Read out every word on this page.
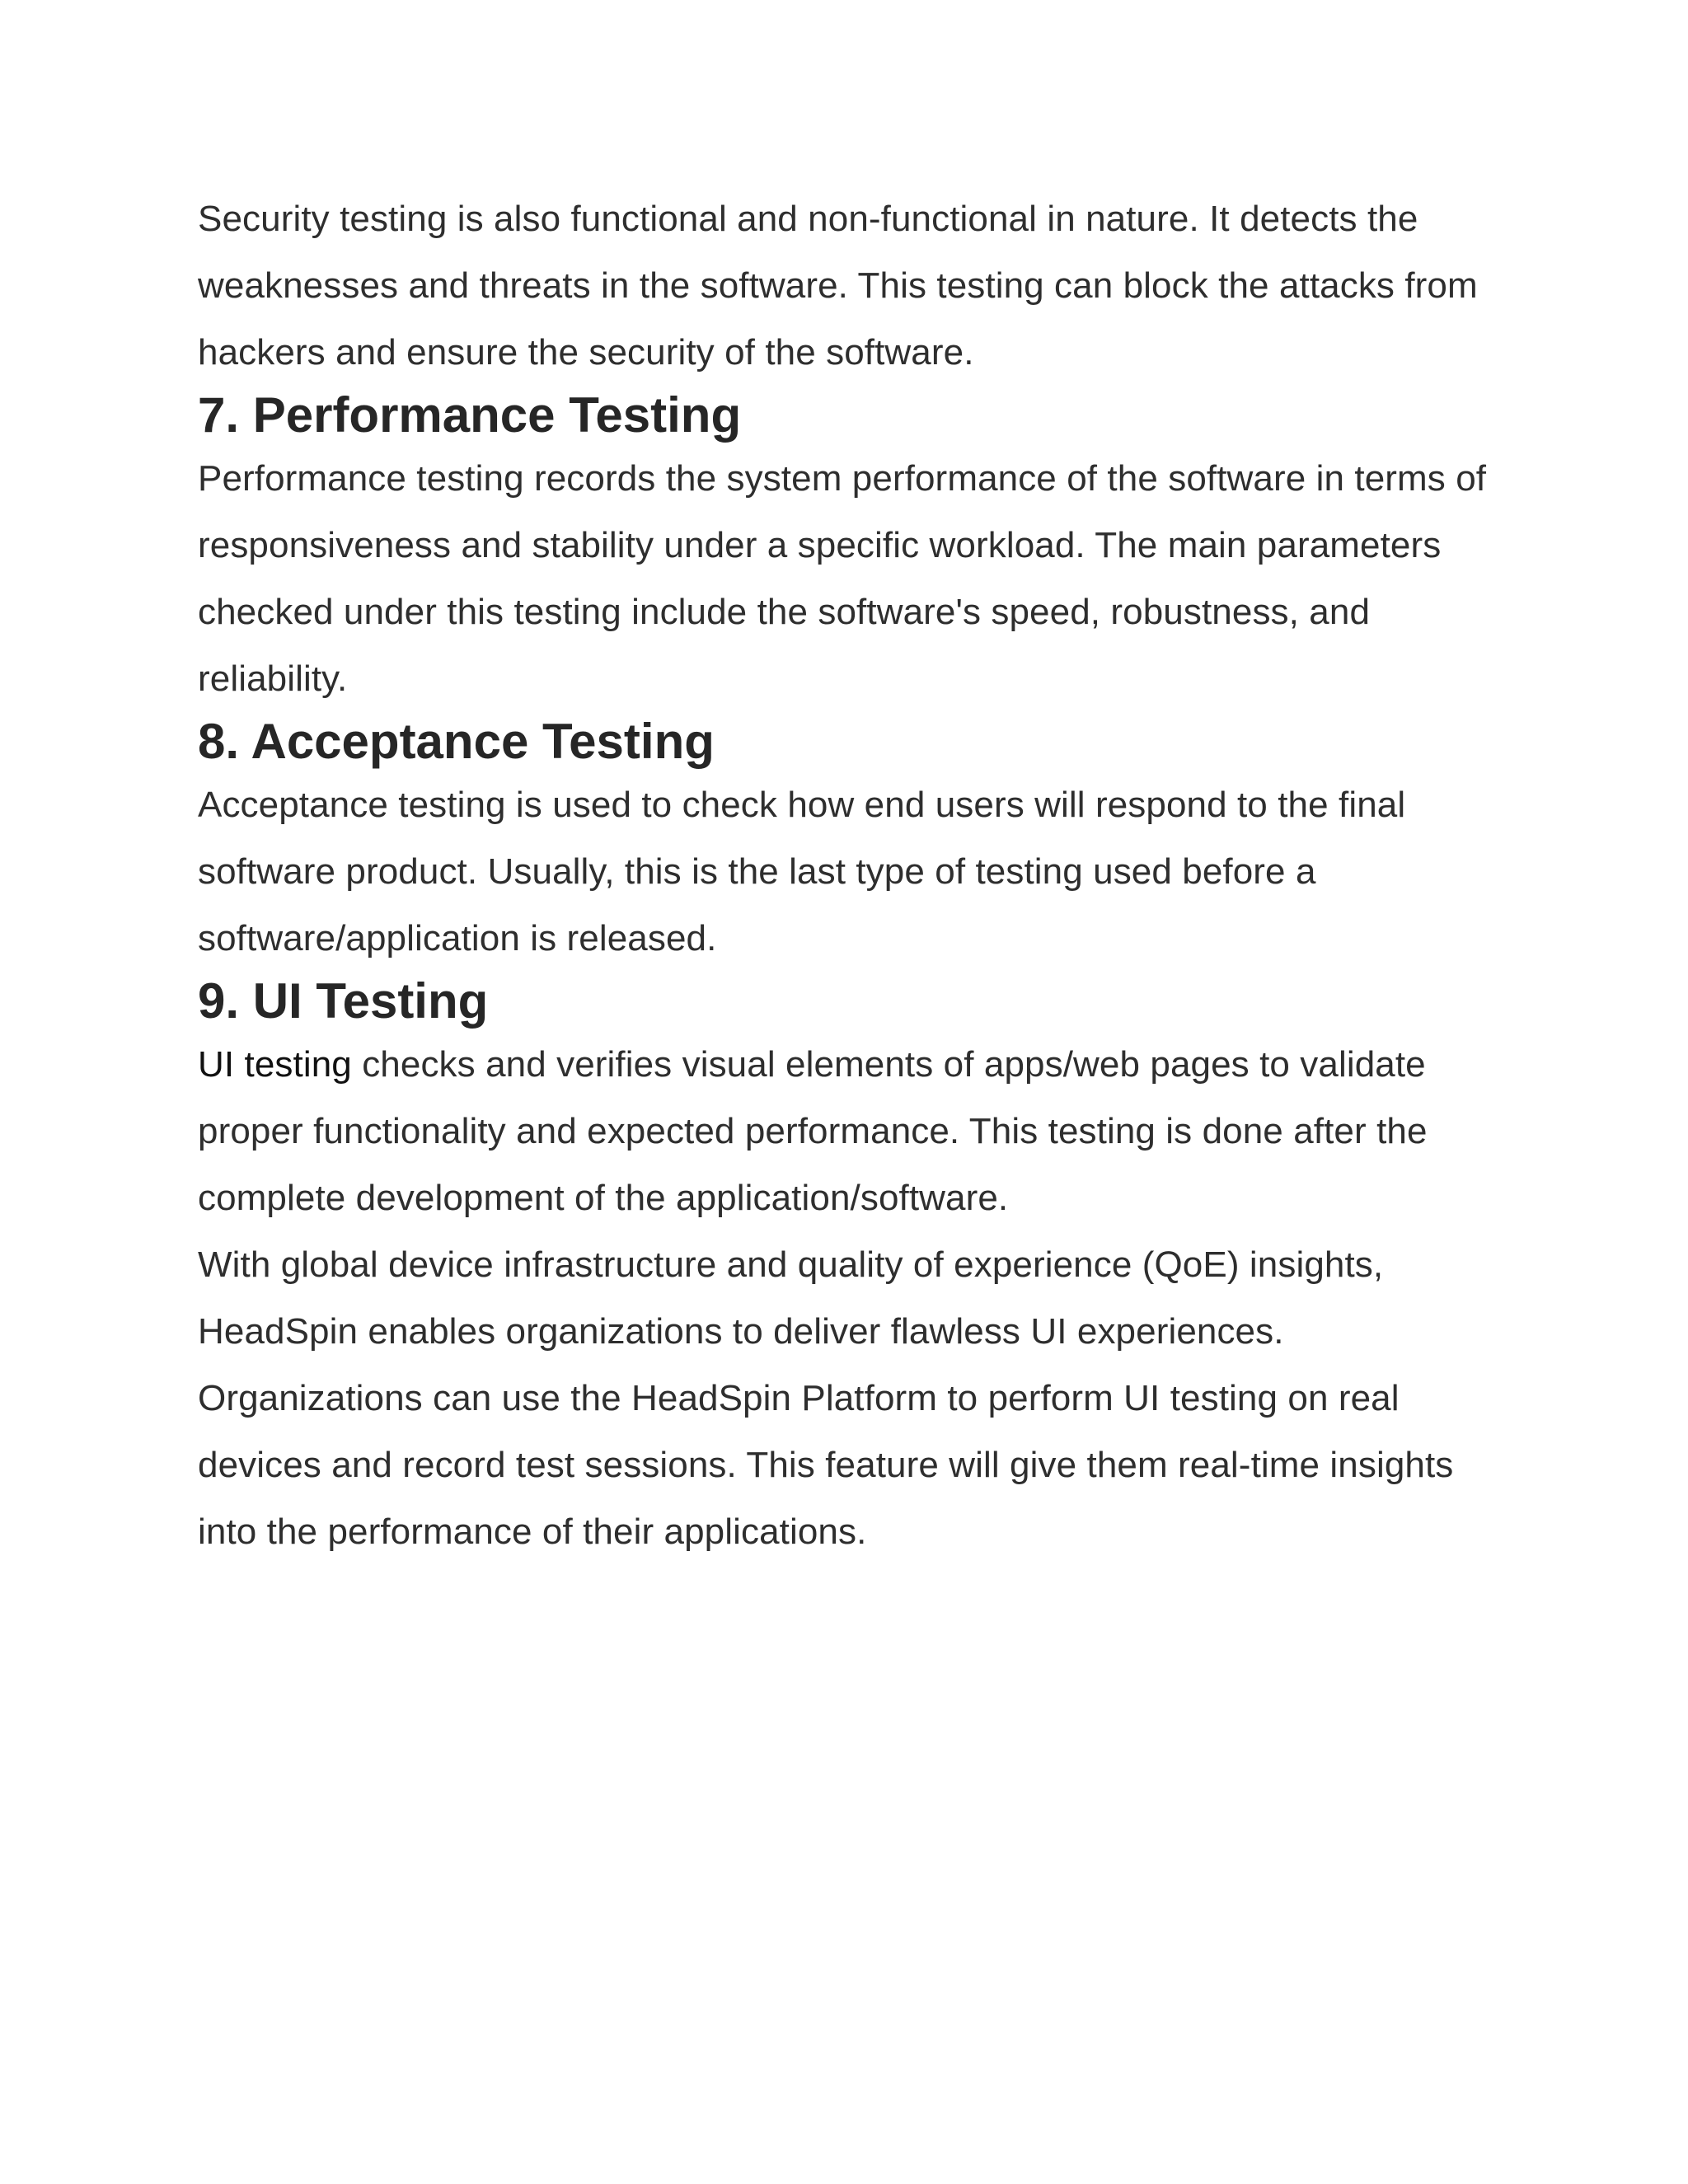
Security testing is also functional and non-functional in nature. It detects the weaknesses and threats in the software. This testing can block the attacks from hackers and ensure the security of the software.

7. Performance Testing

Performance testing records the system performance of the software in terms of responsiveness and stability under a specific workload. The main parameters checked under this testing include the software's speed, robustness, and reliability.

8. Acceptance Testing

Acceptance testing is used to check how end users will respond to the final software product. Usually, this is the last type of testing used before a software/application is released.

9. UI Testing

UI testing checks and verifies visual elements of apps/web pages to validate proper functionality and expected performance. This testing is done after the complete development of the application/software.

With global device infrastructure and quality of experience (QoE) insights, HeadSpin enables organizations to deliver flawless UI experiences. Organizations can use the HeadSpin Platform to perform UI testing on real devices and record test sessions. This feature will give them real-time insights into the performance of their applications.
